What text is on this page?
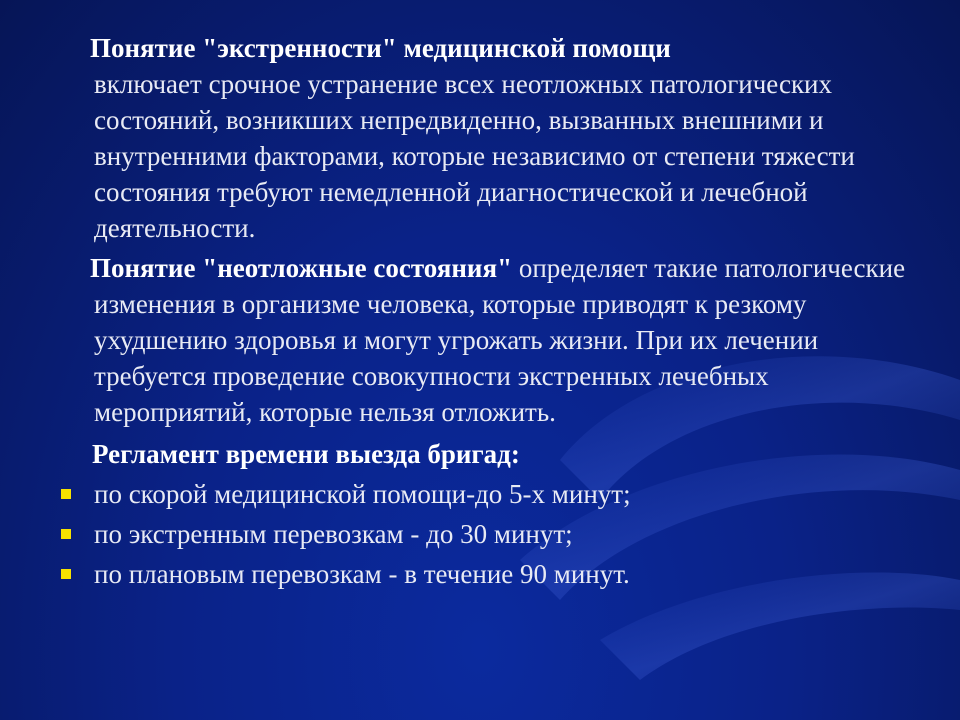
Понятие "экстренности" медицинской помощи
включает срочное устранение всех неотложных патологических состояний, возникших непредвиденно, вызванных внешними и внутренними факторами, которые независимо от степени тяжести состояния требуют немедленной диагностической и лечебной деятельности.

Понятие "неотложные состояния" определяет такие патологические изменения в организме человека, которые приводят к резкому ухудшению здоровья и могут угрожать жизни. При их лечении требуется проведение совокупности экстренных лечебных мероприятий, которые нельзя отложить.

Регламент времени выезда бригад:

по скорой медицинской помощи-до 5-х минут;
по экстренным перевозкам - до 30 минут;
по плановым перевозкам - в течение 90 минут.
